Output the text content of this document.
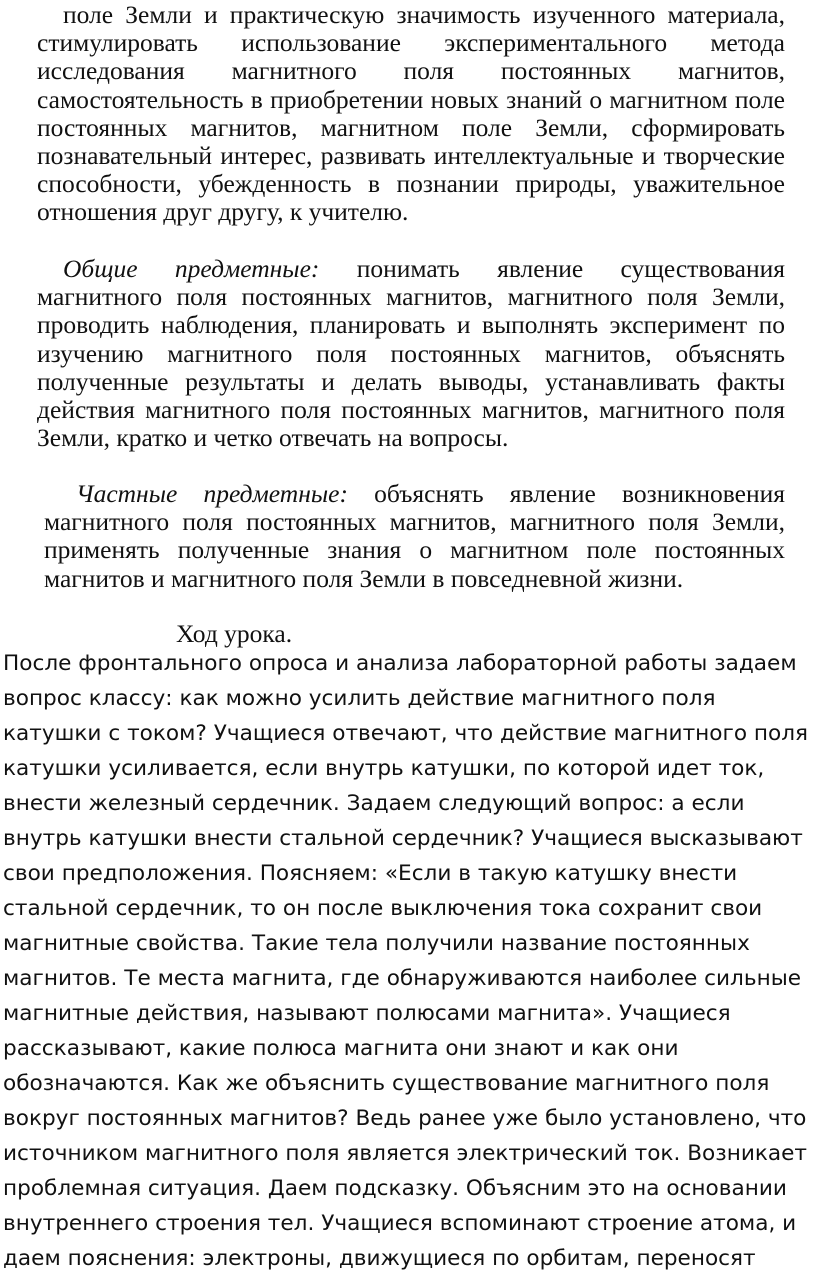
поле Земли и практическую значимость изученного материала, стимулировать использование экспериментального метода исследования магнитного поля постоянных магнитов, самостоятельность в приобретении новых знаний о магнитном поле постоянных магнитов, магнитном поле Земли, сформировать познавательный интерес, развивать интеллектуальные и творческие способности, убежденность в познании природы, уважительное отношения друг другу, к учителю.

Общие предметные: понимать явление существования магнитного поля постоянных магнитов, магнитного поля Земли, проводить наблюдения, планировать и выполнять эксперимент по изучению магнитного поля постоянных магнитов, объяснять полученные результаты и делать выводы, устанавливать факты действия магнитного поля постоянных магнитов, магнитного поля Земли, кратко и четко отвечать на вопросы.

Частные предметные: объяснять явление возникновения магнитного поля постоянных магнитов, магнитного поля Земли, применять полученные знания о магнитном поле постоянных магнитов и магнитного поля Земли в повседневной жизни.

Ход урока.

После фронтального опроса и анализа лабораторной работы задаем вопрос классу: как можно усилить действие магнитного поля катушки с током? Учащиеся отвечают, что действие магнитного поля катушки усиливается, если внутрь катушки, по которой идет ток, внести железный сердечник. Задаем следующий вопрос: а если внутрь катушки внести стальной сердечник? Учащиеся высказывают свои предположения. Поясняем: «Если в такую катушку внести стальной сердечник, то он после выключения тока сохранит свои магнитные свойства. Такие тела получили название постоянных магнитов. Те места магнита, где обнаруживаются наиболее сильные магнитные действия, называют полюсами магнита». Учащиеся рассказывают, какие полюса магнита они знают и как они обозначаются. Как же объяснить существование магнитного поля вокруг постоянных магнитов? Ведь ранее уже было установлено, что источником магнитного поля является электрический ток. Возникает проблемная ситуация. Даем подсказку. Объясним это на основании внутреннего строения тел. Учащиеся вспоминают строение атома, и даем пояснения: электроны, движущиеся по орбитам, переносят
